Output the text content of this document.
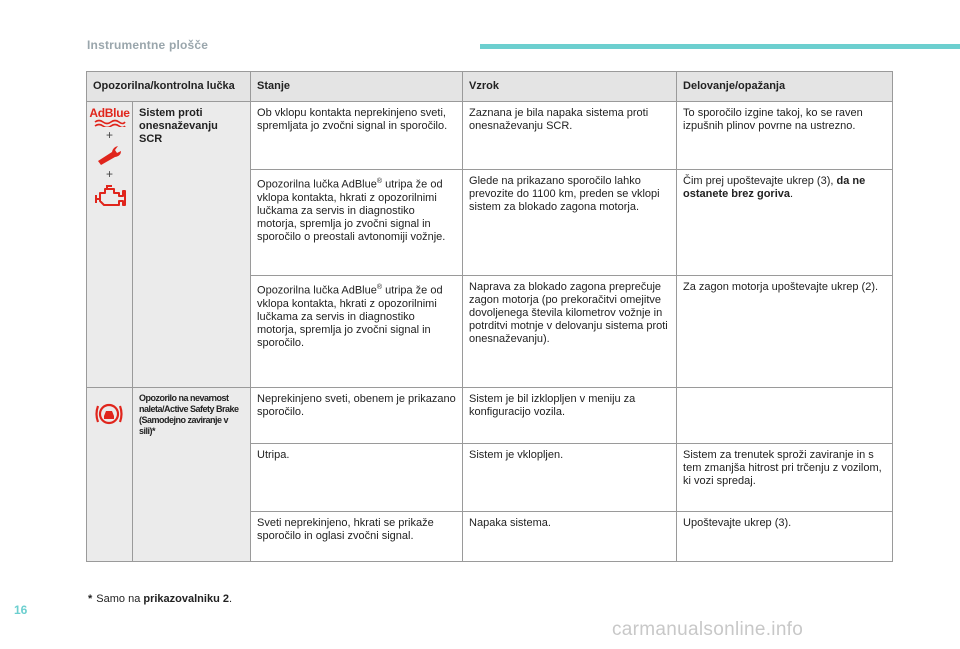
Instrumentne plošče
Opozorilna/kontrolna lučka		Stanje	Vzrok	Delovanje/opažanja

AdBlue
+
+	Sistem proti onesnaževanju SCR	Ob vklopu kontakta neprekinjeno sveti, spremljata jo zvočni signal in sporočilo.	Zaznana je bila napaka sistema proti onesnaževanju SCR.	To sporočilo izgine takoj, ko se raven izpušnih plinov povrne na ustrezno.
		Opozorilna lučka AdBlue® utripa že od vklopa kontakta, hkrati z opozorilnimi lučkama za servis in diagnostiko motorja, spremlja jo zvočni signal in sporočilo o preostali avtonomiji vožnje.	Glede na prikazano sporočilo lahko prevozite do 1100 km, preden se vklopi sistem za blokado zagona motorja.	Čim prej upoštevajte ukrep (3), da ne ostanete brez goriva.
		Opozorilna lučka AdBlue® utripa že od vklopa kontakta, hkrati z opozorilnimi lučkama za servis in diagnostiko motorja, spremlja jo zvočni signal in sporočilo.	Naprava za blokado zagona preprečuje zagon motorja (po prekoračitvi omejitve dovoljenega števila kilometrov vožnje in potrditvi motnje v delovanju sistema proti onesnaževanju).	Za zagon motorja upoštevajte ukrep (2).
	Opozorilo na nevarnost naleta/Active Safety Brake (Samodejno zaviranje v sili)*	Neprekinjeno sveti, obenem je prikazano sporočilo.	Sistem je bil izklopljen v meniju za konfiguracijo vozila.	
		Utripa.	Sistem je vklopljen.	Sistem za trenutek sproži zaviranje in s tem zmanjša hitrost pri trčenju z vozilom, ki vozi spredaj.
		Sveti neprekinjeno, hkrati se prikaže sporočilo in oglasi zvočni signal.	Napaka sistema.	Upoštevajte ukrep (3).
* Samo na prikazovalniku 2.
16
carmanualsonline.info
